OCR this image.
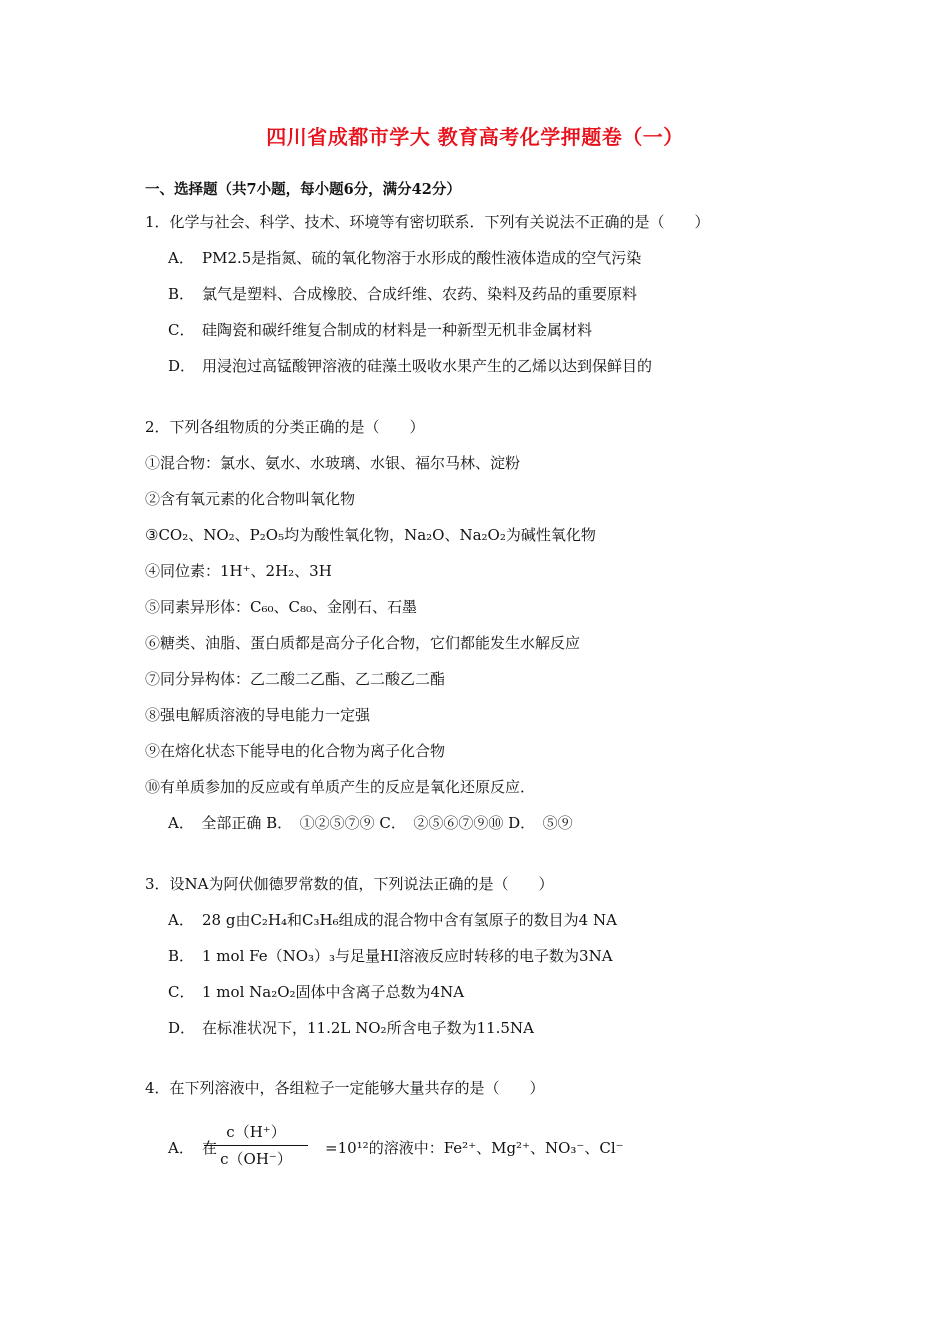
四川省成都市学大 教育高考化学押题卷（一）
一、选择题（共7小题，每小题6分，满分42分）
1．化学与社会、科学、技术、环境等有密切联系．下列有关说法不正确的是（　　）
A． PM2.5是指氮、硫的氧化物溶于水形成的酸性液体造成的空气污染
B． 氯气是塑料、合成橡胶、合成纤维、农药、染料及药品的重要原料
C． 硅陶瓷和碳纤维复合制成的材料是一种新型无机非金属材料
D． 用浸泡过高锰酸钾溶液的硅藻土吸收水果产生的乙烯以达到保鲜目的
2．下列各组物质的分类正确的是（　　）
①混合物：氯水、氨水、水玻璃、水银、福尔马林、淀粉
②含有氧元素的化合物叫氧化物
③CO₂、NO₂、P₂O₅均为酸性氧化物，Na₂O、Na₂O₂为碱性氧化物
④同位素：1H⁺、2H₂、3H
⑤同素异形体：C₆₀、C₈₀、金刚石、石墨
⑥糖类、油脂、蛋白质都是高分子化合物，它们都能发生水解反应
⑦同分异构体：乙二酸二乙酯、乙二酸乙二酯
⑧强电解质溶液的导电能力一定强
⑨在熔化状态下能导电的化合物为离子化合物
⑩有单质参加的反应或有单质产生的反应是氧化还原反应．
A．　全部正确 B．　①②⑤⑦⑨ C．　②⑤⑥⑦⑨⑩ D．　⑤⑨
3．设NA为阿伏伽德罗常数的值，下列说法正确的是（　　）
A． 28 g由C₂H₄和C₃H₆组成的混合物中含有氢原子的数目为4 NA
B． 1 mol Fe（NO₃）₃与足量HI溶液反应时转移的电子数为3NA
C． 1 mol Na₂O₂固体中含离子总数为4NA
D． 在标准状况下，11.2L NO₂所含电子数为11.5NA
4．在下列溶液中，各组粒子一定能够大量共存的是（　　）
A． 在	=10¹²的溶液中：Fe²⁺、Mg²⁺、NO₃⁻、Cl⁻
c（H⁺）
c（OH⁻）
